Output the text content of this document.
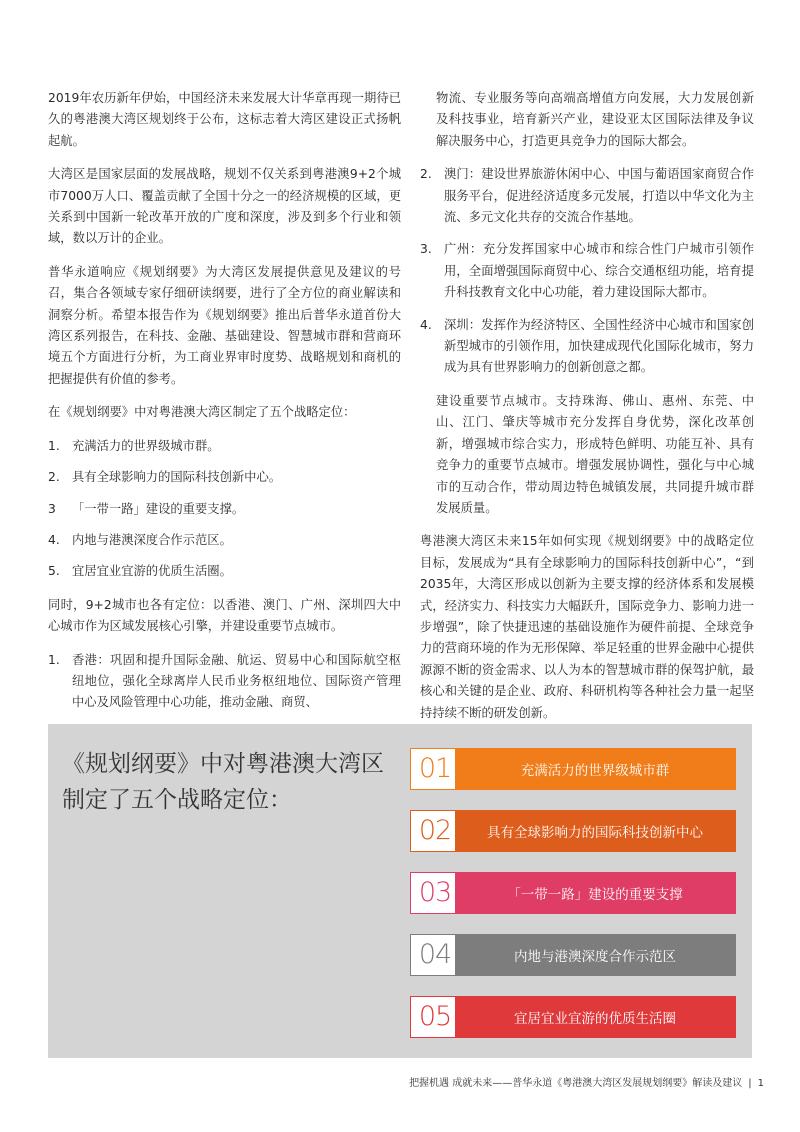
2019年农历新年伊始，中国经济未来发展大计华章再现一期待已久的粤港澳大湾区规划终于公布，这标志着大湾区建设正式扬帆起航。

大湾区是国家层面的发展战略，规划不仅关系到粤港澳9+2个城市7000万人口、覆盖贡献了全国十分之一的经济规模的区域，更关系到中国新一轮改革开放的广度和深度，涉及到多个行业和领域，数以万计的企业。

普华永道响应《规划纲要》为大湾区发展提供意见及建议的号召，集合各领域专家仔细研读纲要，进行了全方位的商业解读和洞察分析。希望本报告作为《规划纲要》推出后普华永道首份大湾区系列报告，在科技、金融、基础建设、智慧城市群和营商环境五个方面进行分析，为工商业界审时度势、战略规划和商机的把握提供有价值的参考。

在《规划纲要》中对粤港澳大湾区制定了五个战略定位：

1. 充满活力的世界级城市群。
2. 具有全球影响力的国际科技创新中心。
3 「一带一路」建设的重要支撑。
4. 内地与港澳深度合作示范区。
5. 宜居宜业宜游的优质生活圈。

同时，9+2城市也各有定位：以香港、澳门、广州、深圳四大中心城市作为区域发展核心引擎，并建设重要节点城市。

1. 香港：巩固和提升国际金融、航运、贸易中心和国际航空枢纽地位，强化全球离岸人民币业务枢纽地位、国际资产管理中心及风险管理中心功能，推动金融、商贸、

物流、专业服务等向高端高增值方向发展，大力发展创新及科技事业，培育新兴产业，建设亚太区国际法律及争议解决服务中心，打造更具竞争力的国际大都会。

2. 澳门：建设世界旅游休闲中心、中国与葡语国家商贸合作服务平台，促进经济适度多元发展，打造以中华文化为主流、多元文化共存的交流合作基地。
3. 广州：充分发挥国家中心城市和综合性门户城市引领作用，全面增强国际商贸中心、综合交通枢纽功能，培育提升科技教育文化中心功能，着力建设国际大都市。
4. 深圳：发挥作为经济特区、全国性经济中心城市和国家创新型城市的引领作用，加快建成现代化国际化城市，努力成为具有世界影响力的创新创意之都。

建设重要节点城市。支持珠海、佛山、惠州、东莞、中山、江门、肇庆等城市充分发挥自身优势，深化改革创新，增强城市综合实力，形成特色鲜明、功能互补、具有竞争力的重要节点城市。增强发展协调性，强化与中心城市的互动合作，带动周边特色城镇发展，共同提升城市群发展质量。

粤港澳大湾区未来15年如何实现《规划纲要》中的战略定位目标，发展成为“具有全球影响力的国际科技创新中心”，“到2035年，大湾区形成以创新为主要支撑的经济体系和发展模式，经济实力、科技实力大幅跃升，国际竞争力、影响力进一步增强”，除了快捷迅速的基础设施作为硬件前提、全球竞争力的营商环境的作为无形保障、举足轻重的世界金融中心提供源源不断的资金需求、以人为本的智慧城市群的保驾护航，最核心和关键的是企业、政府、科研机构等各种社会力量一起坚持持续不断的研发创新。

《规划纲要》中对粤港澳大湾区制定了五个战略定位：
01	充满活力的世界级城市群
02	具有全球影响力的国际科技创新中心
03	「一带一路」建设的重要支撑
04	内地与港澳深度合作示范区
05	宜居宜业宜游的优质生活圈
把握机遇 成就未来——普华永道《粤港澳大湾区发展规划纲要》解读及建议 | 1
